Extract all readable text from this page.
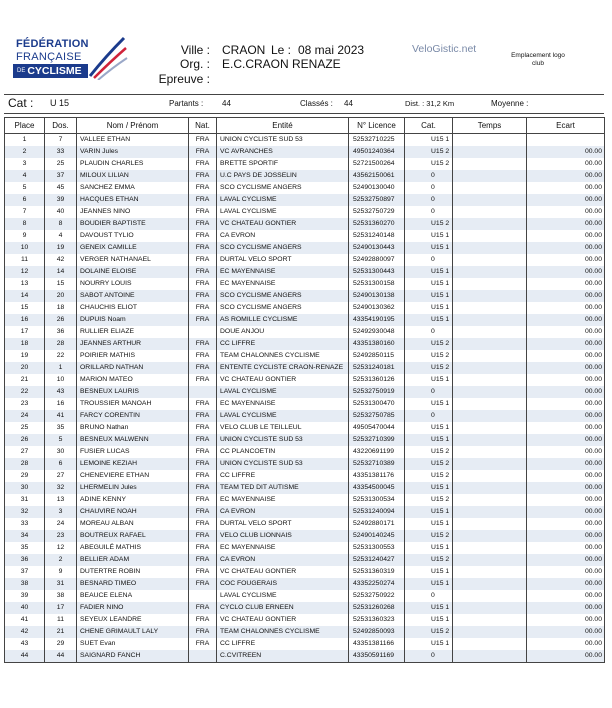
FÉDÉRATION
FRANÇAISE
DE CYCLISME
Ville : CRAON Le : 08 mai 2023
Org. : E.C.CRAON RENAZE
Epreuve :
VeloGistic.net
Emplacement logo club
Cat : U 15	Partants : 44	Classés : 44	Dist. : 31,2 Km	Moyenne :
Place	Dos.	Nom / Prénom	Nat.	Entité	N° Licence	Cat.	Temps	Ecart
1	7	VALLEE ETHAN	FRA	UNION CYCLISTE SUD 53	52532710225	U15 1		
2	33	VARIN Jules	FRA	VC AVRANCHES	49501240364	U15 2		00.00
3	25	PLAUDIN CHARLES	FRA	BRETTE SPORTIF	52721500264	U15 2		00.00
4	37	MILOUX LILIAN	FRA	U.C PAYS DE JOSSELIN	43562150061	0		00.00
5	45	SANCHEZ EMMA	FRA	SCO CYCLISME ANGERS	52490130040	0		00.00
6	39	HACQUES ETHAN	FRA	LAVAL CYCLISME	52532750897	0		00.00
7	40	JEANNES NINO	FRA	LAVAL CYCLISME	52532750729	0		00.00
8	8	BOUDIER BAPTISTE	FRA	VC CHATEAU GONTIER	52531360270	U15 2		00.00
9	4	DAVOUST TYLIO	FRA	CA EVRON	52531240148	U15 1		00.00
10	19	GENEIX CAMILLE	FRA	SCO CYCLISME ANGERS	52490130443	U15 1		00.00
11	42	VERGER NATHANAEL	FRA	DURTAL VELO SPORT	52492880097	0		00.00
12	14	DOLAINE ELOISE	FRA	EC MAYENNAISE	52531300443	U15 1		00.00
13	15	NOURRY LOUIS	FRA	EC MAYENNAISE	52531300158	U15 1		00.00
14	20	SABOT ANTOINE	FRA	SCO CYCLISME ANGERS	52490130138	U15 1		00.00
15	18	CHAUCHIS ELIOT	FRA	SCO CYCLISME ANGERS	52490130362	U15 1		00.00
16	26	DUPUIS Noam	FRA	AS ROMILLE CYCLISME	43354190195	U15 1		00.00
17	36	RULLIER ELIAZE		DOUE ANJOU	52492930048	0		00.00
18	28	JEANNES ARTHUR	FRA	CC LIFFRE	43351380160	U15 2		00.00
19	22	POIRIER MATHIS	FRA	TEAM CHALONNES CYCLISME	52492850115	U15 2		00.00
20	1	ORILLARD NATHAN	FRA	ENTENTE CYCLISTE CRAON-RENAZE	52531240181	U15 2		00.00
21	10	MARION MATEO	FRA	VC CHATEAU GONTIER	52531360126	U15 1		00.00
22	43	BESNEUX LAURIS		LAVAL CYCLISME	52532750919	0		00.00
23	16	TROUSSIER MANOAH	FRA	EC MAYENNAISE	52531300470	U15 1		00.00
24	41	FARCY CORENTIN	FRA	LAVAL CYCLISME	52532750785	0		00.00
25	35	BRUNO Nathan	FRA	VELO CLUB LE TEILLEUL	49505470044	U15 1		00.00
26	5	BESNEUX MALWENN	FRA	UNION CYCLISTE SUD 53	52532710399	U15 1		00.00
27	30	FUSIER LUCAS	FRA	CC PLANCOETIN	43220691199	U15 2		00.00
28	6	LEMOINE KEZIAH	FRA	UNION CYCLISTE SUD 53	52532710389	U15 2		00.00
29	27	CHENEVIERE ETHAN	FRA	CC LIFFRE	43351381176	U15 2		00.00
30	32	LHERMELIN Jules	FRA	TEAM TED DIT AUTISME	43354500045	U15 1		00.00
31	13	ADINE KENNY	FRA	EC MAYENNAISE	52531300534	U15 2		00.00
32	3	CHAUVIRE NOAH	FRA	CA EVRON	52531240094	U15 1		00.00
33	24	MOREAU ALBAN	FRA	DURTAL VELO SPORT	52492880171	U15 1		00.00
34	23	BOUTREUX RAFAEL	FRA	VELO CLUB LIONNAIS	52490140245	U15 2		00.00
35	12	ABEGUILÉ MATHIS	FRA	EC MAYENNAISE	52531300553	U15 1		00.00
36	2	BELLIER ADAM	FRA	CA EVRON	52531240427	U15 2		00.00
37	9	DUTERTRE ROBIN	FRA	VC CHATEAU GONTIER	52531360319	U15 1		00.00
38	31	BESNARD TIMEO	FRA	COC FOUGERAIS	43352250274	U15 1		00.00
39	38	BEAUCE ELENA		LAVAL CYCLISME	52532750922	0		00.00
40	17	FADIER NINO	FRA	CYCLO CLUB ERNEEN	52531260268	U15 1		00.00
41	11	SEYEUX LEANDRE	FRA	VC CHATEAU GONTIER	52531360323	U15 1		00.00
42	21	CHENE GRIMAULT LALY	FRA	TEAM CHALONNES CYCLISME	52492850093	U15 2		00.00
43	29	SUET Evan	FRA	CC LIFFRE	43351381166	U15 1		00.00
44	44	SAIGNARD FANCH		C.CVITREEN	43350591169	0		00.00
